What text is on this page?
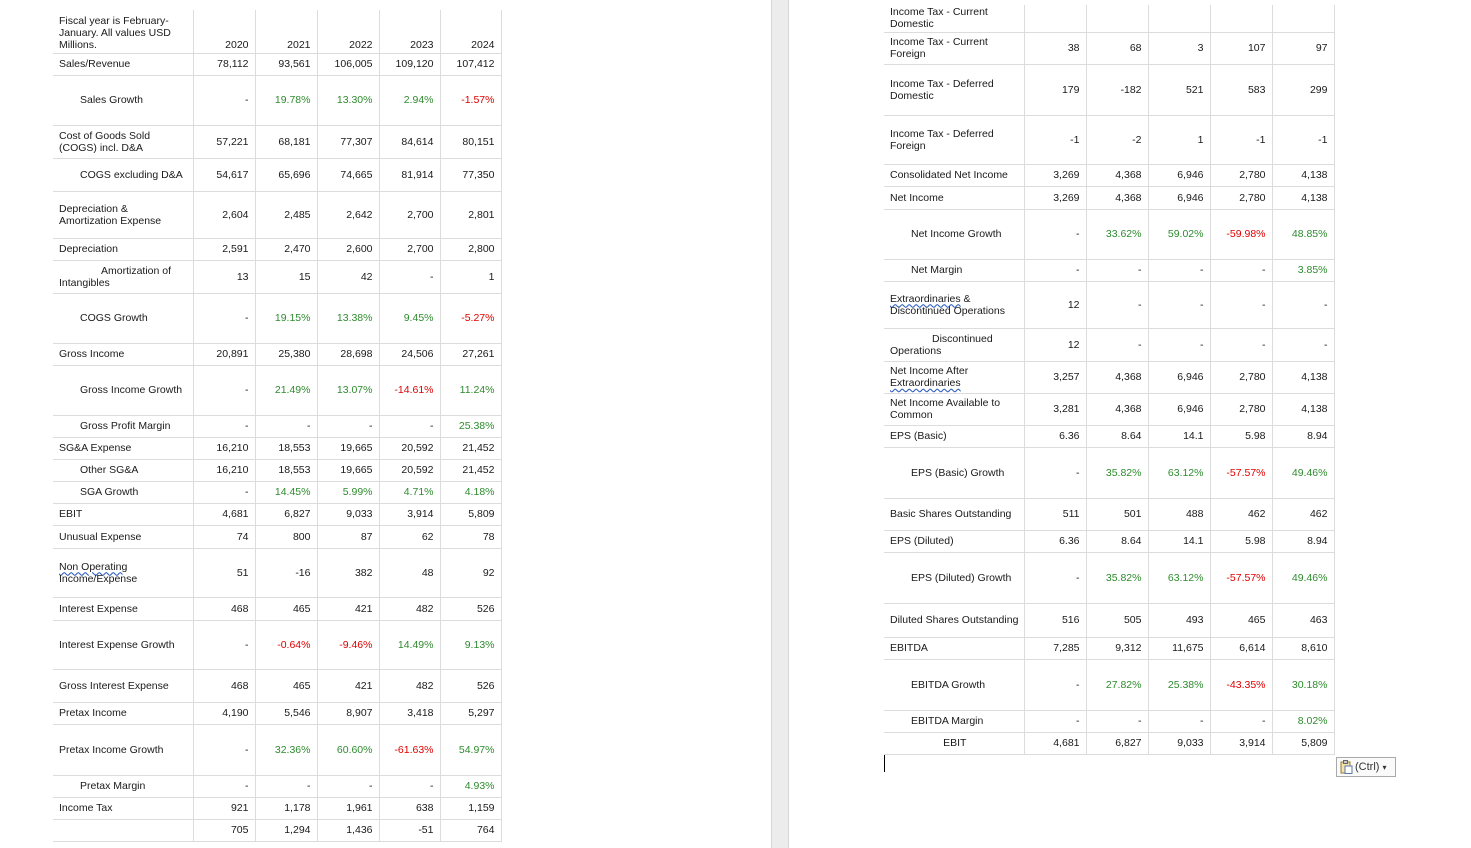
Fiscal year is February-January. All values USD Millions.	2020	2021	2022	2023	2024
Sales/Revenue	78,112	93,561	106,005	109,120	107,412
Sales Growth	-	19.78%	13.30%	2.94%	-1.57%
Cost of Goods Sold (COGS) incl. D&A	57,221	68,181	77,307	84,614	80,151
COGS excluding D&A	54,617	65,696	74,665	81,914	77,350
Depreciation & Amortization Expense	2,604	2,485	2,642	2,700	2,801
Depreciation	2,591	2,470	2,600	2,700	2,800
Amortization of Intangibles	13	15	42	-	1
COGS Growth	-	19.15%	13.38%	9.45%	-5.27%
Gross Income	20,891	25,380	28,698	24,506	27,261
Gross Income Growth	-	21.49%	13.07%	-14.61%	11.24%
Gross Profit Margin	-	-	-	-	25.38%
SG&A Expense	16,210	18,553	19,665	20,592	21,452
Other SG&A	16,210	18,553	19,665	20,592	21,452
SGA Growth	-	14.45%	5.99%	4.71%	4.18%
EBIT	4,681	6,827	9,033	3,914	5,809
Unusual Expense	74	800	87	62	78
Non Operating
Income/Expense	51	-16	382	48	92
Interest Expense	468	465	421	482	526
Interest Expense Growth	-	-0.64%	-9.46%	14.49%	9.13%
Gross Interest Expense	468	465	421	482	526
Pretax Income	4,190	5,546	8,907	3,418	5,297
Pretax Income Growth	-	32.36%	60.60%	-61.63%	54.97%
Pretax Margin	-	-	-	-	4.93%
Income Tax	921	1,178	1,961	638	1,159
	705	1,294	1,436	-51	764
Income Tax - Current Domestic					
Income Tax - Current Foreign	38	68	3	107	97
Income Tax - Deferred Domestic	179	-182	521	583	299
Income Tax - Deferred Foreign	-1	-2	1	-1	-1
Consolidated Net Income	3,269	4,368	6,946	2,780	4,138
Net Income	3,269	4,368	6,946	2,780	4,138
Net Income Growth	-	33.62%	59.02%	-59.98%	48.85%
Net Margin	-	-	-	-	3.85%
Extraordinaries & Discontinued Operations	12	-	-	-	-
Discontinued Operations	12	-	-	-	-
Net Income After Extraordinaries	3,257	4,368	6,946	2,780	4,138
Net Income Available to Common	3,281	4,368	6,946	2,780	4,138
EPS (Basic)	6.36	8.64	14.1	5.98	8.94
EPS (Basic) Growth	-	35.82%	63.12%	-57.57%	49.46%
Basic Shares Outstanding	511	501	488	462	462
EPS (Diluted)	6.36	8.64	14.1	5.98	8.94
EPS (Diluted) Growth	-	35.82%	63.12%	-57.57%	49.46%
Diluted Shares Outstanding	516	505	493	465	463
EBITDA	7,285	9,312	11,675	6,614	8,610
EBITDA Growth	-	27.82%	25.38%	-43.35%	30.18%
EBITDA Margin	-	-	-	-	8.02%
EBIT	4,681	6,827	9,033	3,914	5,809
(Ctrl) ▾
